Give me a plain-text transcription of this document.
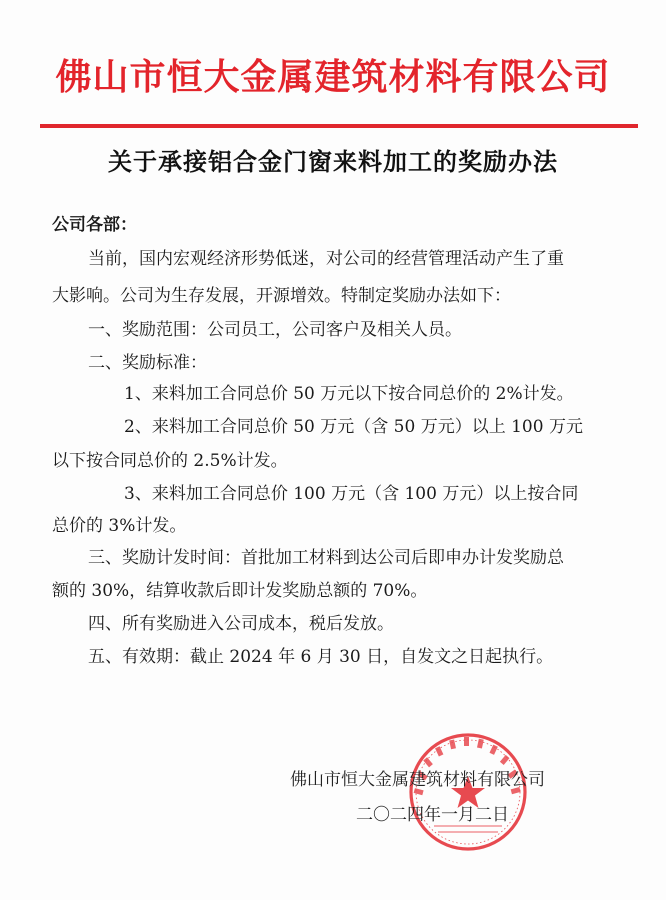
佛山市恒大金属建筑材料有限公司
关于承接铝合金门窗来料加工的奖励办法
公司各部：
当前，国内宏观经济形势低迷，对公司的经营管理活动产生了重
大影响。公司为生存发展，开源增效。特制定奖励办法如下：
一、奖励范围：公司员工，公司客户及相关人员。
二、奖励标准：
1、来料加工合同总价 50 万元以下按合同总价的 2%计发。
2、来料加工合同总价 50 万元（含 50 万元）以上 100 万元
以下按合同总价的 2.5%计发。
3、来料加工合同总价 100 万元（含 100 万元）以上按合同
总价的 3%计发。
三、奖励计发时间：首批加工材料到达公司后即申办计发奖励总
额的 30%，结算收款后即计发奖励总额的 70%。
四、所有奖励进入公司成本，税后发放。
五、有效期：截止 2024 年 6 月 30 日，自发文之日起执行。
佛山市恒大金属建筑材料有限公司
二〇二四年一月二日
